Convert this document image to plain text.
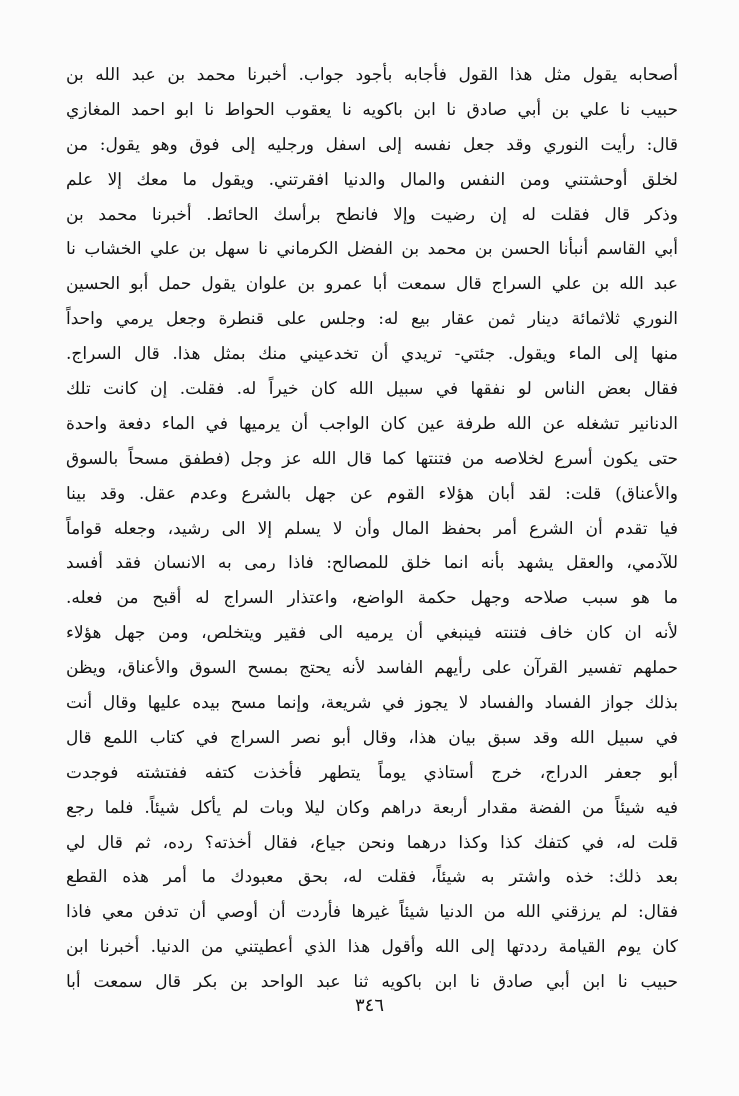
أصحابه يقول مثل هذا القول فأجابه بأجود جواب. أخبرنا محمد بن عبد الله بن
حبيب نا علي بن أبي صادق نا ابن باكويه نا يعقوب الحواط نا ابو احمد المغازي
قال: رأيت النوري وقد جعل نفسه إلى اسفل ورجليه إلى فوق وهو يقول: من
لخلق أوحشتني ومن النفس والمال والدنيا افقرتني. ويقول ما معك إلا علم
وذكر قال فقلت له إن رضيت وإلا فانطح برأسك الحائط. أخبرنا محمد بن
أبي القاسم أنبأنا الحسن بن محمد بن الفضل الكرماني نا سهل بن علي الخشاب نا
عبد الله بن علي السراج قال سمعت أبا عمرو بن علوان يقول حمل أبو الحسين
النوري ثلاثمائة دينار ثمن عقار بيع له: وجلس على قنطرة وجعل يرمي واحداً
منها إلى الماء ويقول. جئتي- تريدي أن تخدعيني منك بمثل هذا. قال السراج.
فقال بعض الناس لو نفقها في سبيل الله كان خيراً له. فقلت. إن كانت تلك
الدنانير تشغله عن الله طرفة عين كان الواجب أن يرميها في الماء دفعة واحدة
حتى يكون أسرع لخلاصه من فتنتها كما قال الله عز وجل (فطفق مسحاً بالسوق
والأعناق) قلت: لقد أبان هؤلاء القوم عن جهل بالشرع وعدم عقل. وقد بينا
فيا تقدم أن الشرع أمر بحفظ المال وأن لا يسلم إلا الى رشيد، وجعله قواماً
للآدمي، والعقل يشهد بأنه انما خلق للمصالح: فاذا رمى به الانسان فقد أفسد
ما هو سبب صلاحه وجهل حكمة الواضع، واعتذار السراج له أقبح من فعله.
لأنه ان كان خاف فتنته فينبغي أن يرميه الى فقير ويتخلص، ومن جهل هؤلاء
حملهم تفسير القرآن على رأيهم الفاسد لأنه يحتج بمسح السوق والأعناق، ويظن
بذلك جواز الفساد والفساد لا يجوز في شريعة، وإنما مسح بيده عليها وقال أنت
في سبيل الله وقد سبق بيان هذا، وقال أبو نصر السراج في كتاب اللمع قال
أبو جعفر الدراج، خرج أستاذي يوماً يتطهر فأخذت كتفه ففتشته فوجدت
فيه شيئاً من الفضة مقدار أربعة دراهم وكان ليلا وبات لم يأكل شيئاً. فلما رجع
قلت له، في كتفك كذا وكذا درهما ونحن جياع، فقال أخذته؟ رده، ثم قال لي
بعد ذلك: خذه واشتر به شيئاً، فقلت له، بحق معبودك ما أمر هذه القطع
فقال: لم يرزقني الله من الدنيا شيئاً غيرها فأردت أن أوصي أن تدفن معي فاذا
كان يوم القيامة رددتها إلى الله وأقول هذا الذي أعطيتني من الدنيا. أخبرنا ابن
حبيب نا ابن أبي صادق نا ابن باكويه ثنا عبد الواحد بن بكر قال سمعت أبا
٣٤٦
